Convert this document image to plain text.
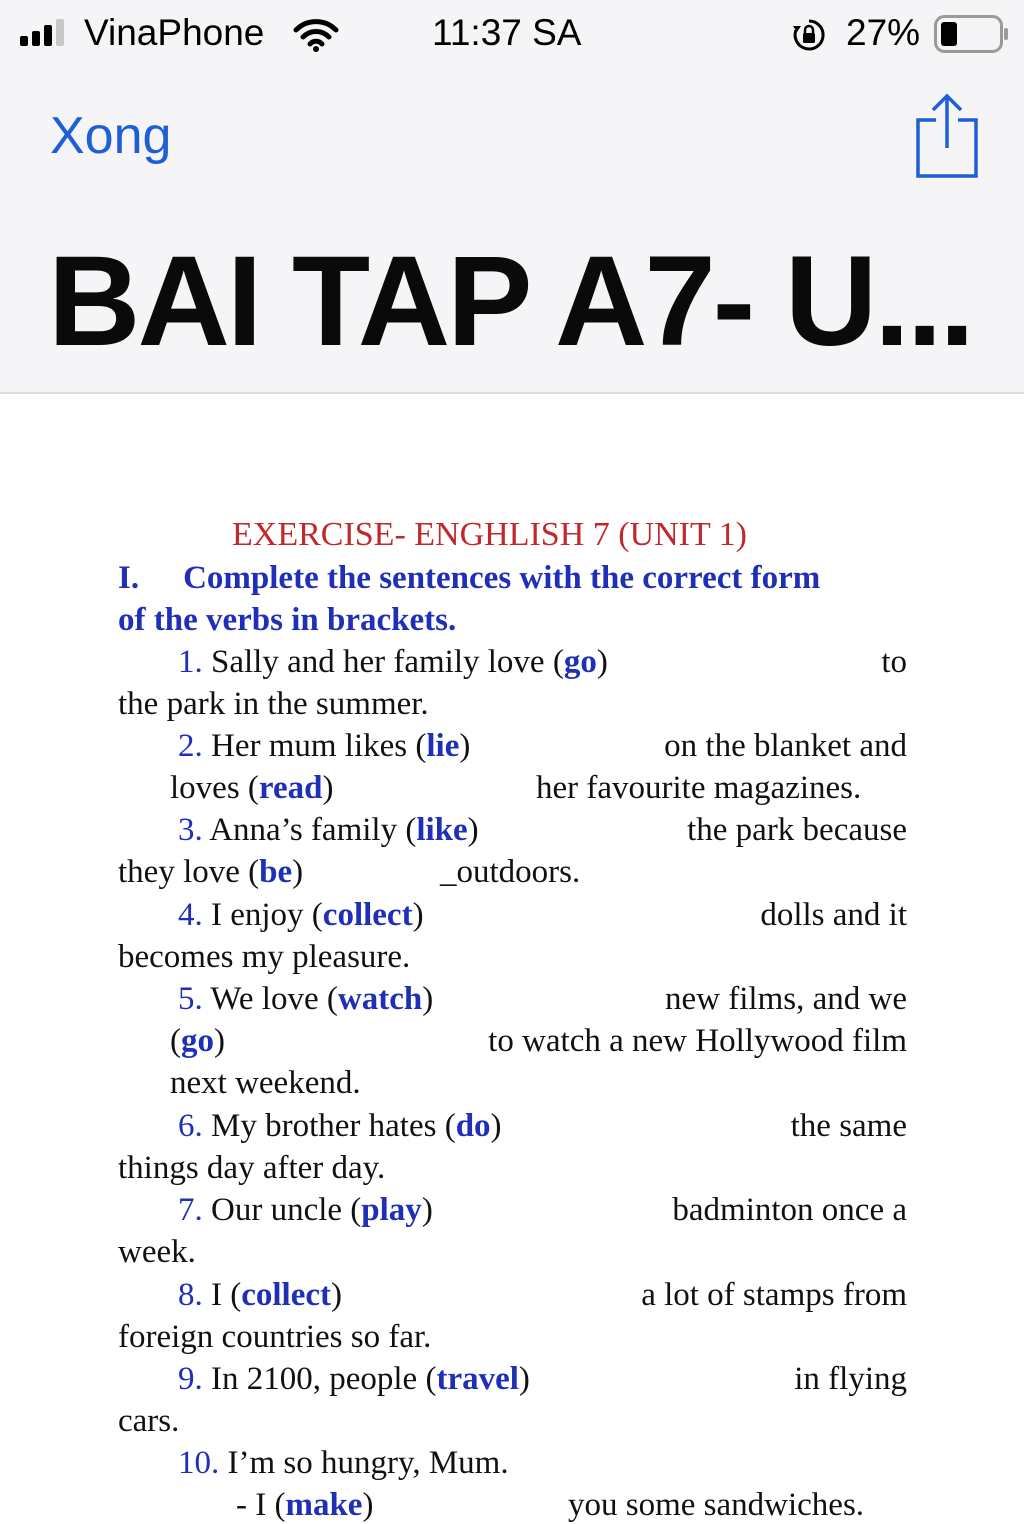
VinaPhone	11:37 SA	27%
Xong
BAI TAP A7- U...
EXERCISE- ENGHLISH 7 (UNIT 1)
I. Complete the sentences with the correct form
of the verbs in brackets.
1. Sally and her family love (go)	to
the park in the summer.
2. Her mum likes (lie)	on the blanket and
loves (read)	her favourite magazines.
3. Anna’s family (like)	the park because
they love (be)	_outdoors.
4. I enjoy (collect)	dolls and it
becomes my pleasure.
5. We love (watch)	new films, and we
(go)	to watch a new Hollywood film
next weekend.
6. My brother hates (do)	the same
things day after day.
7. Our uncle (play)	badminton once a
week.
8. I (collect)	a lot of stamps from
foreign countries so far.
9. In 2100, people (travel)	in flying
cars.
10. I’m so hungry, Mum.
- I (make)	you some sandwiches.
